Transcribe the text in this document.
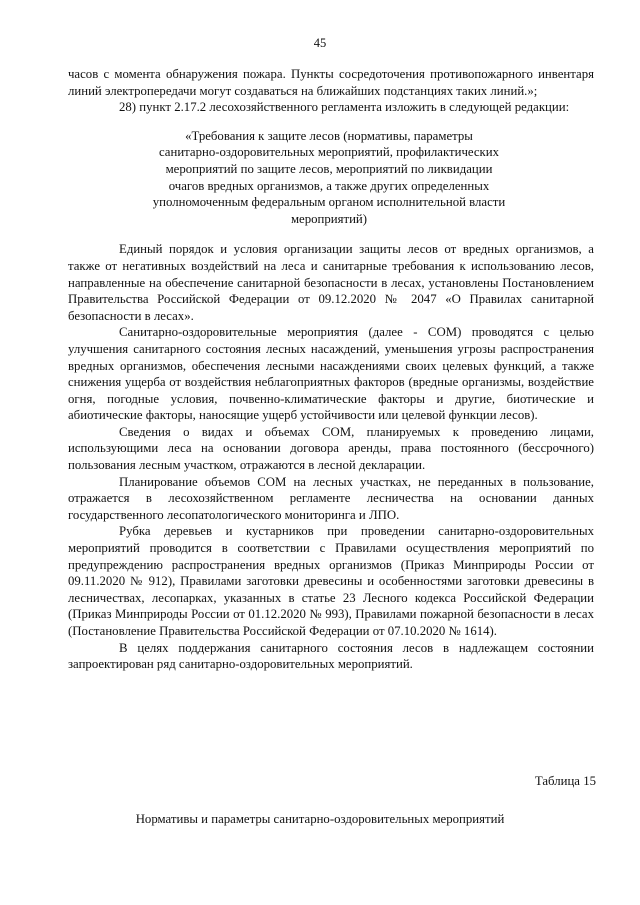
45

часов с момента обнаружения пожара. Пункты сосредоточения противопожарного инвентаря линий электропередачи могут создаваться на ближайших подстанциях таких линий.»;

28) пункт 2.17.2 лесохозяйственного регламента изложить в следующей редакции:

«Требования к защите лесов (нормативы, параметры
санитарно-оздоровительных мероприятий, профилактических
мероприятий по защите лесов, мероприятий по ликвидации
очагов вредных организмов, а также других определенных
уполномоченным федеральным органом исполнительной власти
мероприятий)

Единый порядок и условия организации защиты лесов от вредных организмов, а также от негативных воздействий на леса и санитарные требования к использованию лесов, направленные на обеспечение санитарной безопасности в лесах, установлены Постановлением Правительства Российской Федерации от 09.12.2020 № 2047 «О Правилах санитарной безопасности в лесах».

Санитарно-оздоровительные мероприятия (далее - СОМ) проводятся с целью улучшения санитарного состояния лесных насаждений, уменьшения угрозы распространения вредных организмов, обеспечения лесными насаждениями своих целевых функций, а также снижения ущерба от воздействия неблагоприятных факторов (вредные организмы, воздействие огня, погодные условия, почвенно-климатические факторы и другие, биотические и абиотические факторы, наносящие ущерб устойчивости или целевой функции лесов).

Сведения о видах и объемах СОМ, планируемых к проведению лицами, использующими леса на основании договора аренды, права постоянного (бессрочного) пользования лесным участком, отражаются в лесной декларации.

Планирование объемов СОМ на лесных участках, не переданных в пользование, отражается в лесохозяйственном регламенте лесничества на основании данных государственного лесопатологического мониторинга и ЛПО.

Рубка деревьев и кустарников при проведении санитарно-оздоровительных мероприятий проводится в соответствии с Правилами осуществления мероприятий по предупреждению распространения вредных организмов (Приказ Минприроды России от 09.11.2020 № 912), Правилами заготовки древесины и особенностями заготовки древесины в лесничествах, лесопарках, указанных в статье 23 Лесного кодекса Российской Федерации (Приказ Минприроды России от 01.12.2020 № 993), Правилами пожарной безопасности в лесах (Постановление Правительства Российской Федерации от 07.10.2020 № 1614).

В целях поддержания санитарного состояния лесов в надлежащем состоянии запроектирован ряд санитарно-оздоровительных мероприятий.

Таблица 15
Нормативы и параметры санитарно-оздоровительных мероприятий
